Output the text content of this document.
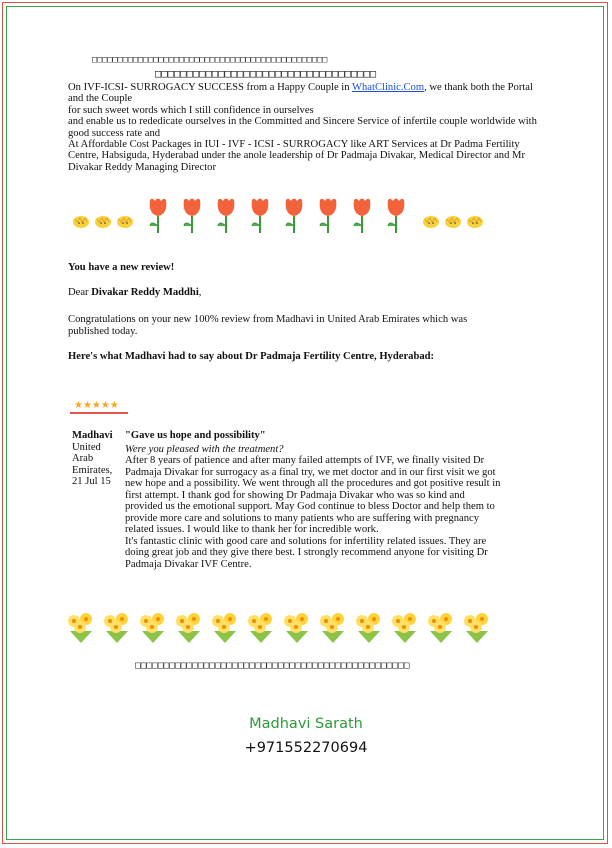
□□□□□□□□□□□□□□□□□□□□□□□□□□□□□□□□□□□□□□□□□□□□□□
□□□□□□□□□□□□□□□□□□□□□□□□□□□□□□□□□□□
On IVF-ICSI- SURROGACY SUCCESS from a Happy Couple in WhatClinic.Com, we thank both the Portal and the Couple
for such sweet words which I still confidence in ourselves
and enable us to rededicate ourselves in the Committed and Sincere Service of infertile couple worldwide with good success rate and
At Affordable Cost Packages in IUI - IVF - ICSI - SURROGACY like ART Services at Dr Padma Fertility Centre, Habsiguda, Hyderabad under the anole leadership of Dr Padmaja Divakar, Medical Director and Mr Divakar Reddy Managing Director
You have a new review!
Dear Divakar Reddy Maddhi,
Congratulations on your new 100% review from Madhavi in United Arab Emirates which was published today.
Here's what Madhavi had to say about Dr Padmaja Fertility Centre, Hyderabad:
★★★★★
Madhavi
United
Arab
Emirates,
21 Jul 15
"Gave us hope and possibility"
Were you pleased with the treatment?
After 8 years of patience and after many failed attempts of IVF, we finally visited Dr Padmaja Divakar for surrogacy as a final try, we met doctor and in our first visit we got new hope and a possibility. We went through all the procedures and got positive result in first attempt. I thank god for showing Dr Padmaja Divakar who was so kind and provided us the emotional support. May God continue to bless Doctor and help them to provide more care and solutions to many patients who are suffering with pregnancy related issues. I would like to thank her for incredible work.
It's fantastic clinic with good care and solutions for infertility related issues. They are doing great job and they give there best. I strongly recommend anyone for visiting Dr Padmaja Divakar IVF Centre.
□□□□□□□□□□□□□□□□□□□□□□□□□□□□□□□□□□□□□□□□□□□□□□□□
Madhavi Sarath
+971552270694
